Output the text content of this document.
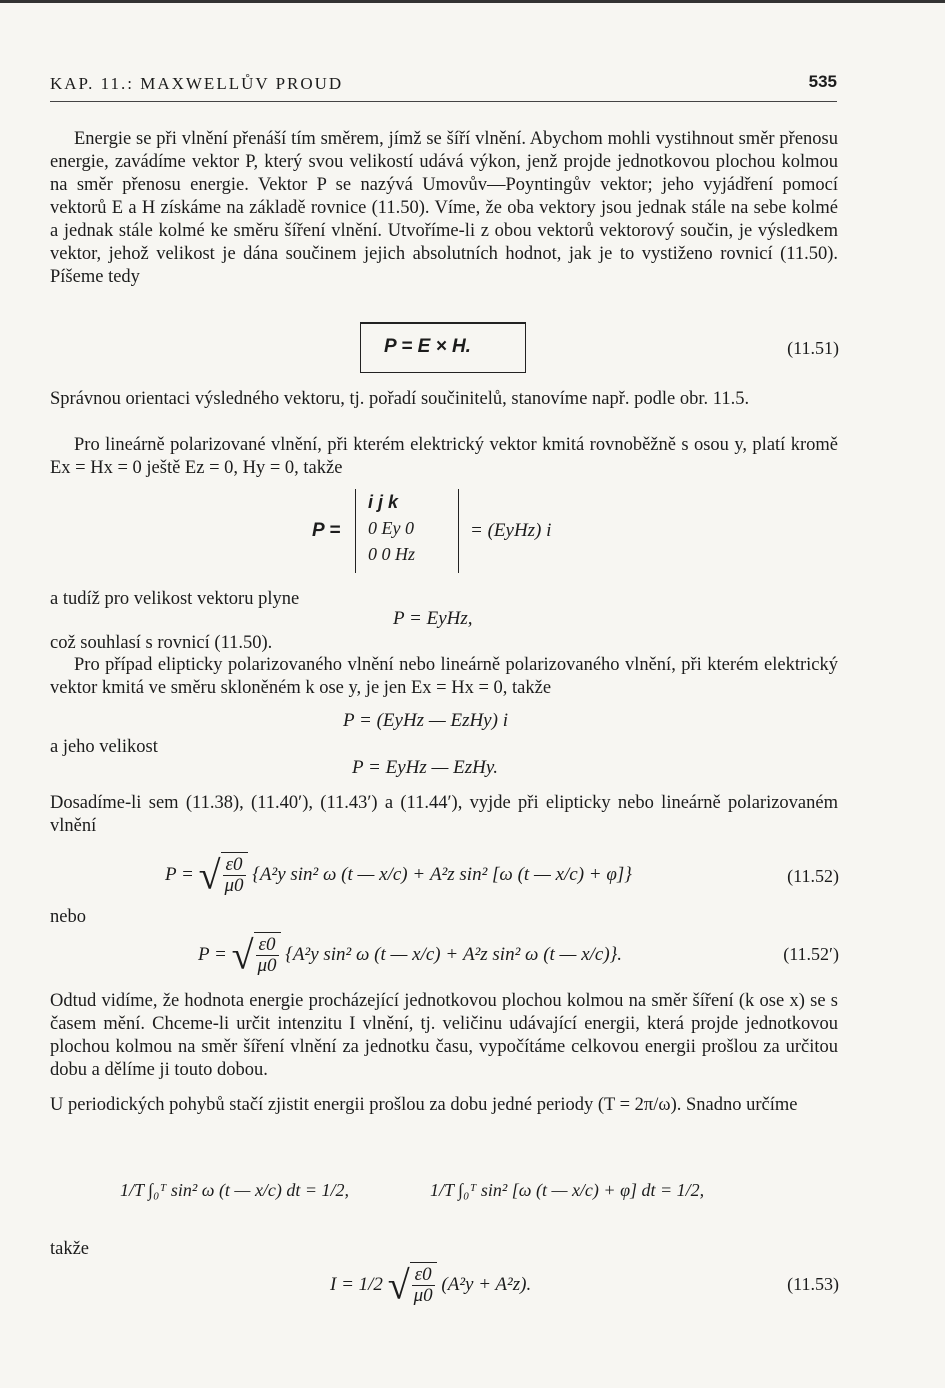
KAP. 11.: MAXWELLŮV PROUD	535

Energie se při vlnění přenáší tím směrem, jímž se šíří vlnění. Abychom mohli vystihnout směr přenosu energie, zavádíme vektor P, který svou velikostí udává výkon, jenž projde jednotkovou plochou kolmou na směr přenosu energie. Vektor P se nazývá Umovův—Poyntingův vektor; jeho vyjádření pomocí vektorů E a H získáme na základě rovnice (11.50). Víme, že oba vektory jsou jednak stále na sebe kolmé a jednak stále kolmé ke směru šíření vlnění. Utvoříme-li z obou vektorů vektorový součin, je výsledkem vektor, jehož velikost je dána součinem jejich absolutních hodnot, jak je to vystiženo rovnicí (11.50). Píšeme tedy

P = E × H.	(11.51)

Správnou orientaci výsledného vektoru, tj. pořadí součinitelů, stanovíme např. podle obr. 11.5.

Pro lineárně polarizované vlnění, při kterém elektrický vektor kmitá rovnoběžně s osou y, platí kromě Ex = Hx = 0 ještě Ez = 0, Hy = 0, takže

P =
i j k
0 Ey 0
0 0 Hz
= (EyHz) i

a tudíž pro velikost vektoru plyne

P = EyHz,

což souhlasí s rovnicí (11.50).

Pro případ elipticky polarizovaného vlnění nebo lineárně polarizovaného vlnění, při kterém elektrický vektor kmitá ve směru skloněném k ose y, je jen Ex = Hx = 0, takže

P = (EyHz — EzHy) i

a jeho velikost

P = EyHz — EzHy.

Dosadíme-li sem (11.38), (11.40′), (11.43′) a (11.44′), vyjde při elipticky nebo lineárně polarizovaném vlnění

P = √ $\frac{\varepsilon 0}{\mu 0} \{A^2y$ sin² ω (t — x/c) + A²z sin² [ω (t — x/c) + φ]}	(11.52)

nebo

P = √ $\frac{\varepsilon 0}{\mu 0} \{A^2y$ sin² ω (t — x/c) + A²z sin² ω (t — x/c)}.	(11.52′)

Odtud vidíme, že hodnota energie procházející jednotkovou plochou kolmou na směr šíření (k ose x) se s časem mění. Chceme-li určit intenzitu I vlnění, tj. veličinu udávající energii, která projde jednotkovou plochou kolmou na směr šíření vlnění za jednotku času, vypočítáme celkovou energii prošlou za určitou dobu a dělíme ji touto dobou.

U periodických pohybů stačí zjistit energii prošlou za dobu jedné periody (T = 2π/ω). Snadno určíme

1/T ∫₀ᵀ sin² ω (t — x/c) dt = 1/2,	1/T ∫₀ᵀ sin² [ω (t — x/c) + φ] dt = 1/2,

takže

I = 1/2 √ $\frac{\varepsilon 0}{\mu 0} (A^2y + A^2z)$.	(11.53)
